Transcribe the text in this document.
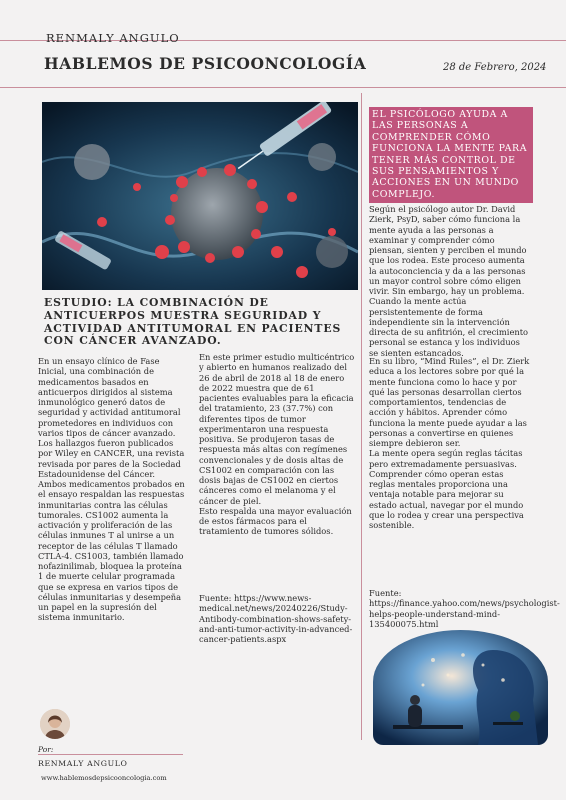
RENMALY ANGULO
HABLEMOS DE PSICOONCOLOGÍA	28 de Febrero, 2024
ESTUDIO: LA COMBINACIÓN DE ANTICUERPOS MUESTRA SEGURIDAD Y ACTIVIDAD ANTITUMORAL EN PACIENTES CON CÁNCER AVANZADO.
En un ensayo clínico de Fase Inicial, una combinación de medicamentos basados en anticuerpos dirigidos al sistema inmunológico generó datos de seguridad y actividad antitumoral prometedores en individuos con varios tipos de cáncer avanzado. Los hallazgos fueron publicados por Wiley en CANCER, una revista revisada por pares de la Sociedad Estadounidense del Cáncer.
Ambos medicamentos probados en el ensayo respaldan las respuestas inmunitarias contra las células tumorales. CS1002 aumenta la activación y proliferación de las células inmunes T al unirse a un receptor de las células T llamado CTLA-4. CS1003, también llamado nofazinilimab, bloquea la proteína 1 de muerte celular programada que se expresa en varios tipos de células inmunitarias y desempeña un papel en la supresión del sistema inmunitario.
En este primer estudio multicéntrico y abierto en humanos realizado del 26 de abril de 2018 al 18 de enero de 2022 muestra que de 61 pacientes evaluables para la eficacia del tratamiento, 23 (37.7%) con diferentes tipos de tumor experimentaron una respuesta positiva. Se produjeron tasas de respuesta más altas con regímenes convencionales y de dosis altas de CS1002 en comparación con las dosis bajas de CS1002 en ciertos cánceres como el melanoma y el cáncer de piel.
Esto respalda una mayor evaluación de estos fármacos para el tratamiento de tumores sólidos.
Fuente: https://www.news-medical.net/news/20240226/Study-Antibody-combination-shows-safety-and-anti-tumor-activity-in-advanced-cancer-patients.aspx
EL PSICÓLOGO AYUDA A LAS PERSONAS A COMPRENDER CÓMO FUNCIONA LA MENTE PARA TENER MÁS CONTROL DE SUS PENSAMIENTOS Y ACCIONES EN UN MUNDO COMPLEJO.
Según el psicólogo autor Dr. David Zierk, PsyD, saber cómo funciona la mente ayuda a las personas a examinar y comprender cómo piensan, sienten y perciben el mundo que los rodea. Este proceso aumenta la autoconciencia y da a las personas un mayor control sobre cómo eligen vivir. Sin embargo, hay un problema. Cuando la mente actúa persistentemente de forma independiente sin la intervención directa de su anfitrión, el crecimiento personal se estanca y los individuos se sienten estancados.
En su libro, “Mind Rules”, el Dr. Zierk educa a los lectores sobre por qué la mente funciona como lo hace y por qué las personas desarrollan ciertos comportamientos, tendencias de acción y hábitos. Aprender cómo funciona la mente puede ayudar a las personas a convertirse en quienes siempre debieron ser.
La mente opera según reglas tácitas pero extremadamente persuasivas. Comprender cómo operan estas reglas mentales proporciona una ventaja notable para mejorar su estado actual, navegar por el mundo que lo rodea y crear una perspectiva sostenible.
Fuente:
https://finance.yahoo.com/news/psychologist-helps-people-understand-mind-135400075.html
Por:
RENMALY ANGULO
www.hablemosdepsicooncologia.com
